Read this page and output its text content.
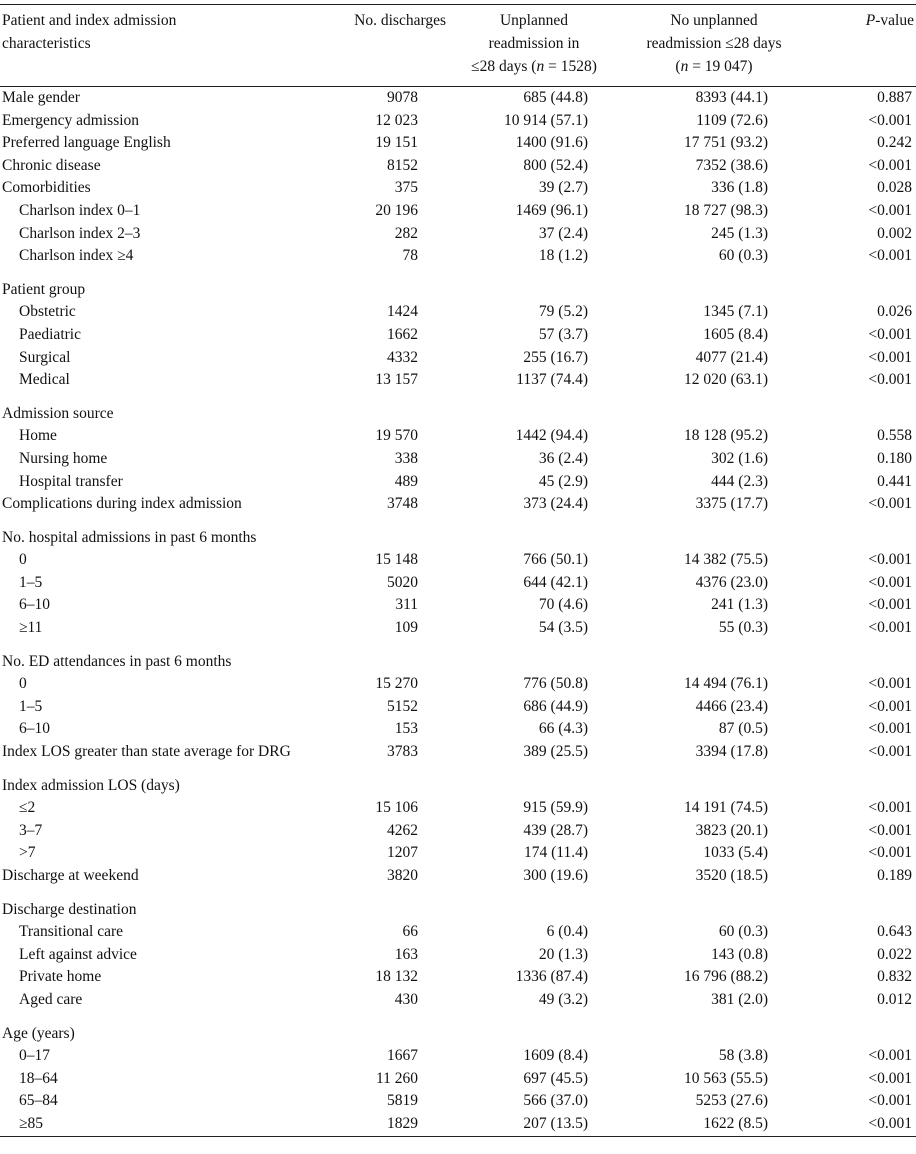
Patient and index admission
characteristics	No. discharges	Unplanned
readmission in
≤28 days (n = 1528)	No unplanned
readmission ≤28 days
(n = 19 047)	P-value
Male gender	9078	685 (44.8)	8393 (44.1)	0.887
Emergency admission	12 023	10 914 (57.1)	1109 (72.6)	<0.001
Preferred language English	19 151	1400 (91.6)	17 751 (93.2)	0.242
Chronic disease	8152	800 (52.4)	7352 (38.6)	<0.001
Comorbidities	375	39 (2.7)	336 (1.8)	0.028
Charlson index 0–1	20 196	1469 (96.1)	18 727 (98.3)	<0.001
Charlson index 2–3	282	37 (2.4)	245 (1.3)	0.002
Charlson index ≥4	78	18 (1.2)	60 (0.3)	<0.001
Patient group				
Obstetric	1424	79 (5.2)	1345 (7.1)	0.026
Paediatric	1662	57 (3.7)	1605 (8.4)	<0.001
Surgical	4332	255 (16.7)	4077 (21.4)	<0.001
Medical	13 157	1137 (74.4)	12 020 (63.1)	<0.001
Admission source				
Home	19 570	1442 (94.4)	18 128 (95.2)	0.558
Nursing home	338	36 (2.4)	302 (1.6)	0.180
Hospital transfer	489	45 (2.9)	444 (2.3)	0.441
Complications during index admission	3748	373 (24.4)	3375 (17.7)	<0.001
No. hospital admissions in past 6 months				
0	15 148	766 (50.1)	14 382 (75.5)	<0.001
1–5	5020	644 (42.1)	4376 (23.0)	<0.001
6–10	311	70 (4.6)	241 (1.3)	<0.001
≥11	109	54 (3.5)	55 (0.3)	<0.001
No. ED attendances in past 6 months				
0	15 270	776 (50.8)	14 494 (76.1)	<0.001
1–5	5152	686 (44.9)	4466 (23.4)	<0.001
6–10	153	66 (4.3)	87 (0.5)	<0.001
Index LOS greater than state average for DRG	3783	389 (25.5)	3394 (17.8)	<0.001
Index admission LOS (days)				
≤2	15 106	915 (59.9)	14 191 (74.5)	<0.001
3–7	4262	439 (28.7)	3823 (20.1)	<0.001
>7	1207	174 (11.4)	1033 (5.4)	<0.001
Discharge at weekend	3820	300 (19.6)	3520 (18.5)	0.189
Discharge destination				
Transitional care	66	6 (0.4)	60 (0.3)	0.643
Left against advice	163	20 (1.3)	143 (0.8)	0.022
Private home	18 132	1336 (87.4)	16 796 (88.2)	0.832
Aged care	430	49 (3.2)	381 (2.0)	0.012
Age (years)				
0–17	1667	1609 (8.4)	58 (3.8)	<0.001
18–64	11 260	697 (45.5)	10 563 (55.5)	<0.001
65–84	5819	566 (37.0)	5253 (27.6)	<0.001
≥85	1829	207 (13.5)	1622 (8.5)	<0.001
